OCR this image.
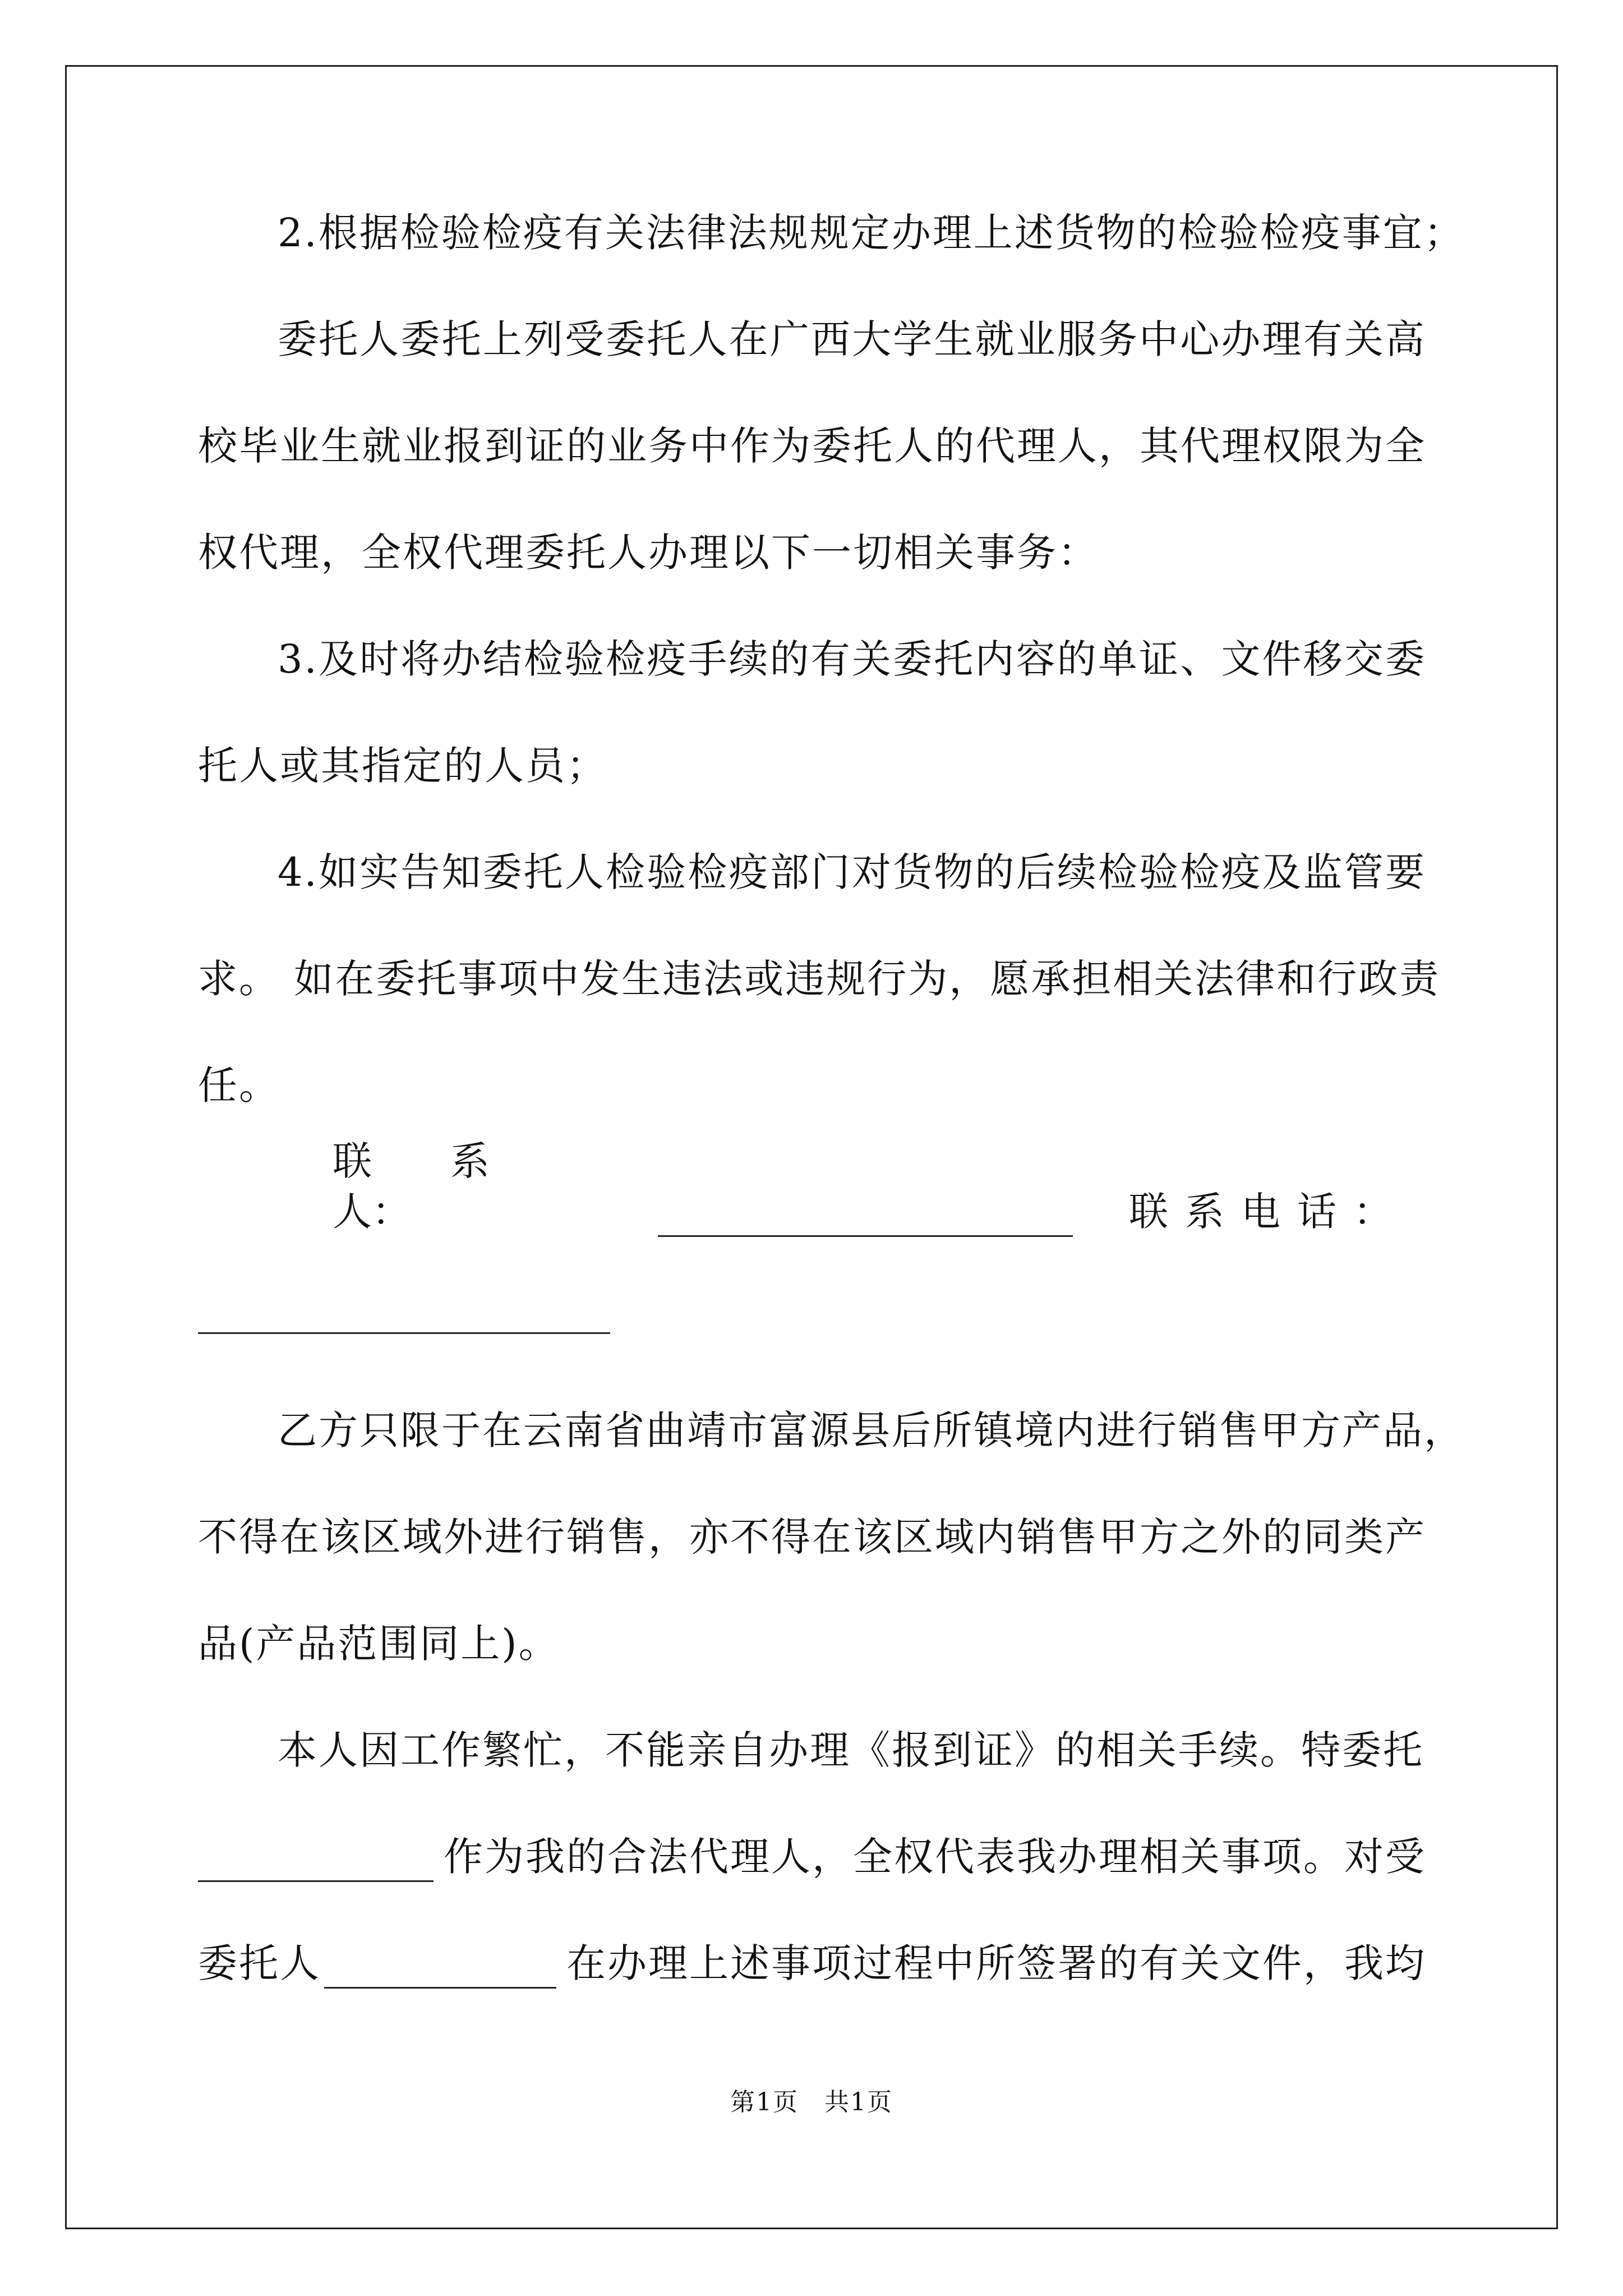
2.根据检验检疫有关法律法规规定办理上述货物的检验检疫事宜；
委托人委托上列受委托人在广西大学生就业服务中心办理有关高
校毕业生就业报到证的业务中作为委托人的代理人，其代理权限为全
权代理，全权代理委托人办理以下一切相关事务：
3.及时将办结检验检疫手续的有关委托内容的单证、文件移交委
托人或其指定的人员；
4.如实告知委托人检验检疫部门对货物的后续检验检疫及监管要
求。 如在委托事项中发生违法或违规行为，愿承担相关法律和行政责
任。
联　　系　　人：	联系电话：
乙方只限于在云南省曲靖市富源县后所镇境内进行销售甲方产品，
不得在该区域外进行销售，亦不得在该区域内销售甲方之外的同类产
品(产品范围同上)。
本人因工作繁忙，不能亲自办理《报到证》的相关手续。特委托
作为我的合法代理人，全权代表我办理相关事项。对受
委托人	在办理上述事项过程中所签署的有关文件，我均
第1页　共1页
